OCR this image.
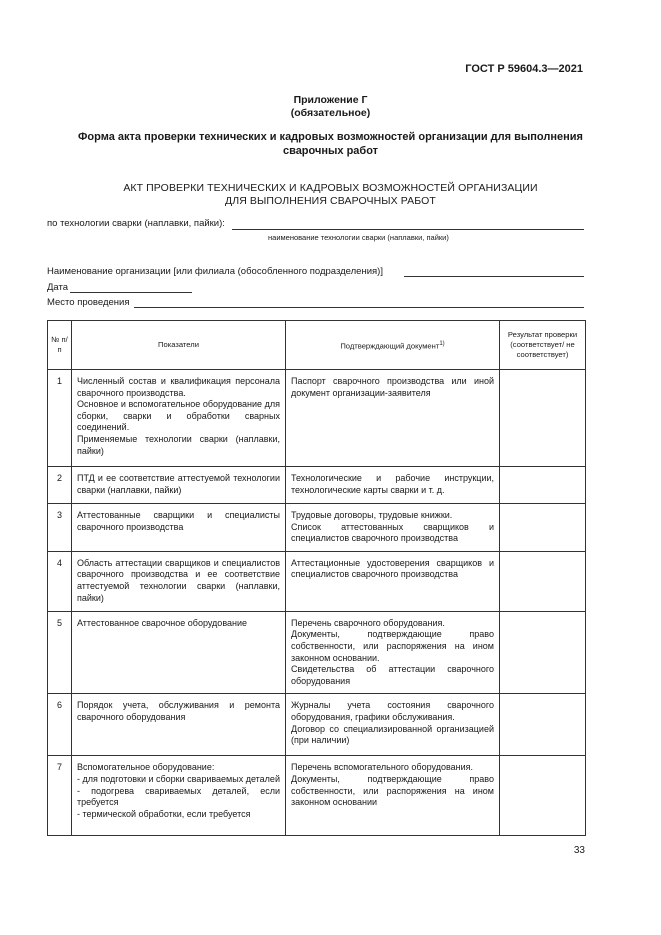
ГОСТ Р 59604.3—2021
Приложение Г
(обязательное)
Форма акта проверки технических и кадровых возможностей организации для выполнения
сварочных работ
АКТ ПРОВЕРКИ ТЕХНИЧЕСКИХ И КАДРОВЫХ ВОЗМОЖНОСТЕЙ ОРГАНИЗАЦИИ
ДЛЯ ВЫПОЛНЕНИЯ СВАРОЧНЫХ РАБОТ
по технологии сварки (наплавки, пайки):
наименование технологии сварки (наплавки, пайки)
Наименование организации [или филиала (обособленного подразделения)]
Дата
Место проведения
№ п/п	Показатели	Подтверждающий документ$^{1)}$	Результат проверки (соответствует/ не соответствует)
1	Численный состав и квалификация персонала сварочного производства.
Основное и вспомогательное оборудование для сборки, сварки и обработки сварных соединений.
Применяемые технологии сварки (наплавки, пайки)	Паспорт сварочного производства или иной документ организации-заявителя	

2	ПТД и ее соответствие аттестуемой технологии сварки (наплавки, пайки)	Технологические и рабочие инструкции, технологические карты сварки и т. д.	

3	Аттестованные сварщики и специалисты сварочного производства	Трудовые договоры, трудовые книжки.
Список аттестованных сварщиков и специалистов сварочного производства	

4	Область аттестации сварщиков и специалистов сварочного производства и ее соответствие аттестуемой технологии сварки (наплавки, пайки)	Аттестационные удостоверения сварщиков и специалистов сварочного производства	

5	Аттестованное сварочное оборудование	Перечень сварочного оборудования.
Документы, подтверждающие право собственности, или распоряжения на ином законном основании.
Свидетельства об аттестации сварочного оборудования	

6	Порядок учета, обслуживания и ремонта сварочного оборудования	Журналы учета состояния сварочного оборудования, графики обслуживания.
Договор со специализированной организацией (при наличии)	

7	Вспомогательное оборудование:
- для подготовки и сборки свариваемых деталей
- подогрева свариваемых деталей, если требуется
- термической обработки, если требуется	Перечень вспомогательного оборудования.
Документы, подтверждающие право собственности, или распоряжения на ином законном основании	

33
